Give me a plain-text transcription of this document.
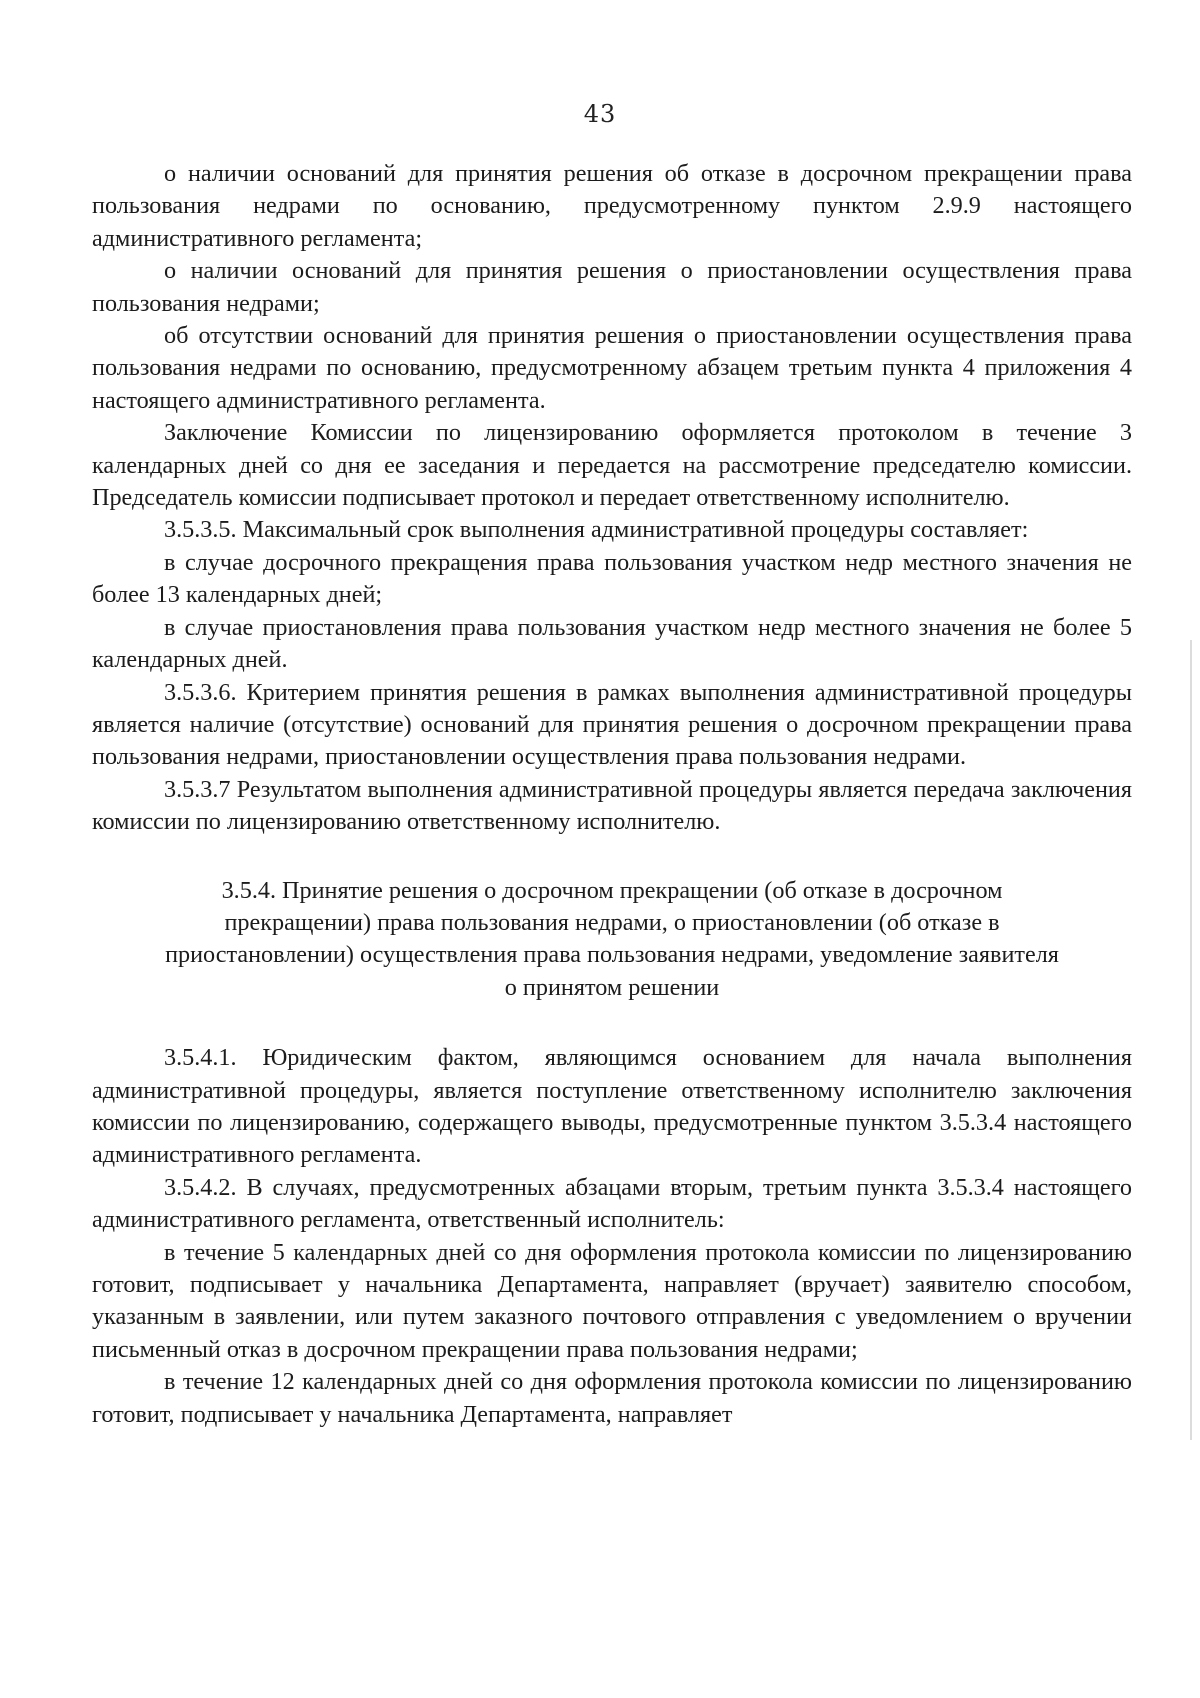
43

о наличии оснований для принятия решения об отказе в досрочном прекращении права пользования недрами по основанию, предусмотренному пунктом 2.9.9 настоящего административного регламента;

о наличии оснований для принятия решения о приостановлении осуществления права пользования недрами;

об отсутствии оснований для принятия решения о приостановлении осуществления права пользования недрами по основанию, предусмотренному абзацем третьим пункта 4 приложения 4 настоящего административного регламента.

Заключение Комиссии по лицензированию оформляется протоколом в течение 3 календарных дней со дня ее заседания и передается на рассмотрение председателю комиссии. Председатель комиссии подписывает протокол и передает ответственному исполнителю.

3.5.3.5. Максимальный срок выполнения административной процедуры составляет:

в случае досрочного прекращения права пользования участком недр местного значения не более 13 календарных дней;

в случае приостановления права пользования участком недр местного значения не более 5 календарных дней.

3.5.3.6. Критерием принятия решения в рамках выполнения административной процедуры является наличие (отсутствие) оснований для принятия решения о досрочном прекращении права пользования недрами, приостановлении осуществления права пользования недрами.

3.5.3.7 Результатом выполнения административной процедуры является передача заключения комиссии по лицензированию ответственному исполнителю.

3.5.4. Принятие решения о досрочном прекращении (об отказе в досрочном прекращении) права пользования недрами, о приостановлении (об отказе в приостановлении) осуществления права пользования недрами, уведомление заявителя о принятом решении

3.5.4.1. Юридическим фактом, являющимся основанием для начала выполнения административной процедуры, является поступление ответственному исполнителю заключения комиссии по лицензированию, содержащего выводы, предусмотренные пунктом 3.5.3.4 настоящего административного регламента.

3.5.4.2. В случаях, предусмотренных абзацами вторым, третьим пункта 3.5.3.4 настоящего административного регламента, ответственный исполнитель:

в течение 5 календарных дней со дня оформления протокола комиссии по лицензированию готовит, подписывает у начальника Департамента, направляет (вручает) заявителю способом, указанным в заявлении, или путем заказного почтового отправления с уведомлением о вручении письменный отказ в досрочном прекращении права пользования недрами;

в течение 12 календарных дней со дня оформления протокола комиссии по лицензированию готовит, подписывает у начальника Департамента, направляет
